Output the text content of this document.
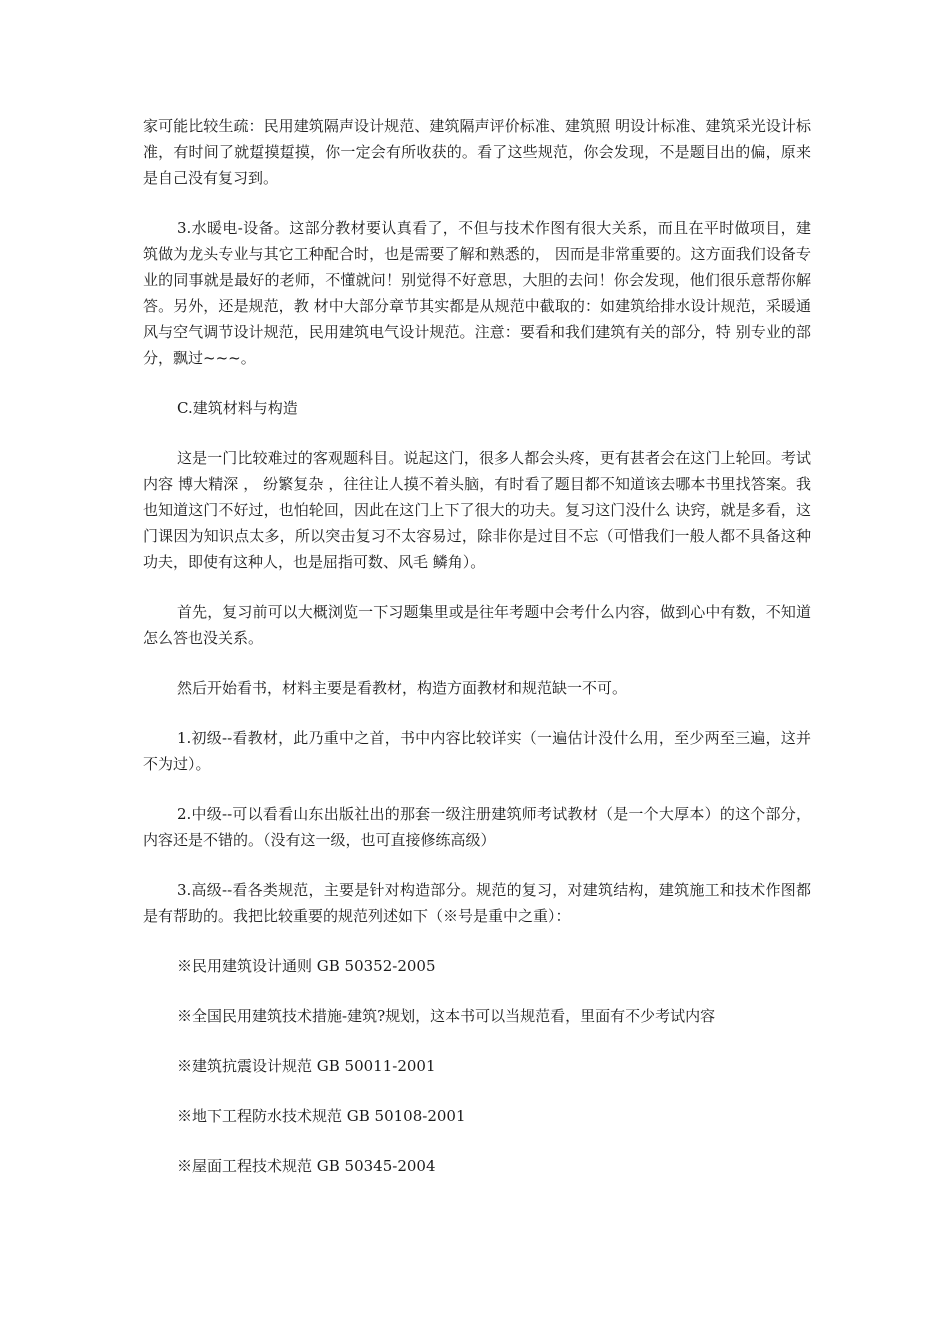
家可能比较生疏：民用建筑隔声设计规范、建筑隔声评价标准、建筑照 明设计标准、建筑采光设计标准，有时间了就踅摸踅摸，你一定会有所收获的。看了这些规范，你会发现，不是题目出的偏，原来是自己没有复习到。

3.水暖电-设备。这部分教材要认真看了，不但与技术作图有很大关系，而且在平时做项目，建筑做为龙头专业与其它工种配合时，也是需要了解和熟悉的， 因而是非常重要的。这方面我们设备专业的同事就是最好的老师，不懂就问！别觉得不好意思，大胆的去问！你会发现，他们很乐意帮你解答。另外，还是规范，教 材中大部分章节其实都是从规范中截取的：如建筑给排水设计规范，采暖通风与空气调节设计规范，民用建筑电气设计规范。注意：要看和我们建筑有关的部分，特 别专业的部分，飘过~~~。

C.建筑材料与构造

这是一门比较难过的客观题科目。说起这门，很多人都会头疼，更有甚者会在这门上轮回。考试内容 博大精深 ， 纷繁复杂 ，往往让人摸不着头脑，有时看了题目都不知道该去哪本书里找答案。我也知道这门不好过，也怕轮回，因此在这门上下了很大的功夫。复习这门没什么 诀窍，就是多看，这门课因为知识点太多，所以突击复习不太容易过，除非你是过目不忘（可惜我们一般人都不具备这种功夫，即使有这种人，也是屈指可数、风毛 鳞角）。

首先，复习前可以大概浏览一下习题集里或是往年考题中会考什么内容，做到心中有数，不知道怎么答也没关系。

然后开始看书，材料主要是看教材，构造方面教材和规范缺一不可。

1.初级--看教材，此乃重中之首，书中内容比较详实（一遍估计没什么用，至少两至三遍，这并不为过）。

2.中级--可以看看山东出版社出的那套一级注册建筑师考试教材（是一个大厚本）的这个部分，内容还是不错的。（没有这一级，也可直接修练高级）

3.高级--看各类规范，主要是针对构造部分。规范的复习，对建筑结构，建筑施工和技术作图都是有帮助的。我把比较重要的规范列述如下（※号是重中之重）：

※民用建筑设计通则 GB 50352-2005

※全国民用建筑技术措施-建筑?规划，这本书可以当规范看，里面有不少考试内容

※建筑抗震设计规范 GB 50011-2001

※地下工程防水技术规范 GB 50108-2001

※屋面工程技术规范 GB 50345-2004
